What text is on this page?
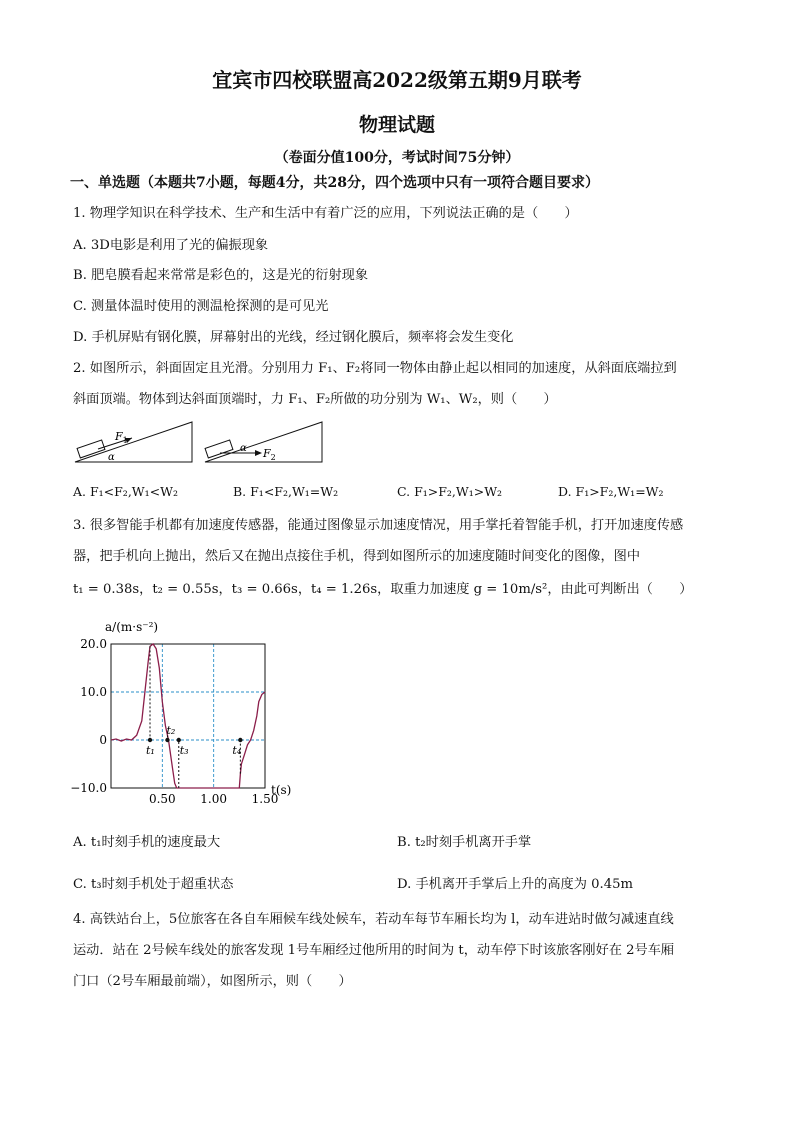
宜宾市四校联盟高2022级第五期9月联考
物理试题
（卷面分值100分，考试时间75分钟）
一、单选题（本题共7小题，每题4分，共28分，四个选项中只有一项符合题目要求）
1. 物理学知识在科学技术、生产和生活中有着广泛的应用，下列说法正确的是（　　）
A. 3D电影是利用了光的偏振现象
B. 肥皂膜看起来常常是彩色的，这是光的衍射现象
C. 测量体温时使用的测温枪探测的是可见光
D. 手机屏贴有钢化膜，屏幕射出的光线，经过钢化膜后，频率将会发生变化
2. 如图所示，斜面固定且光滑。分别用力 F₁、F₂将同一物体由静止起以相同的加速度，从斜面底端拉到
斜面顶端。物体到达斜面顶端时，力 F₁、F₂所做的功分别为 W₁、W₂，则（　　）
$F_1$
α
α $F_2$
A. F₁<F₂,W₁<W₂	B. F₁<F₂,W₁=W₂	C. F₁>F₂,W₁>W₂	D. F₁>F₂,W₁=W₂
3. 很多智能手机都有加速度传感器，能通过图像显示加速度情况，用手掌托着智能手机，打开加速度传感
器，把手机向上抛出，然后又在抛出点接住手机，得到如图所示的加速度随时间变化的图像，图中
t₁ = 0.38s，t₂ = 0.55s，t₃ = 0.66s，t₄ = 1.26s，取重力加速度 g = 10m/s²，由此可判断出（　　）
t₁
t₂
t₃	t₄
20.0
10.0
0
−10.0
0.50 1.00 1.50
a/(m·s⁻²)
t(s)
A. t₁时刻手机的速度最大	B. t₂时刻手机离开手掌
C. t₃时刻手机处于超重状态	D. 手机离开手掌后上升的高度为 0.45m
4. 高铁站台上，5位旅客在各自车厢候车线处候车，若动车每节车厢长均为 l，动车进站时做匀减速直线
运动．站在 2号候车线处的旅客发现 1号车厢经过他所用的时间为 t，动车停下时该旅客刚好在 2号车厢
门口（2号车厢最前端），如图所示，则（　　）
